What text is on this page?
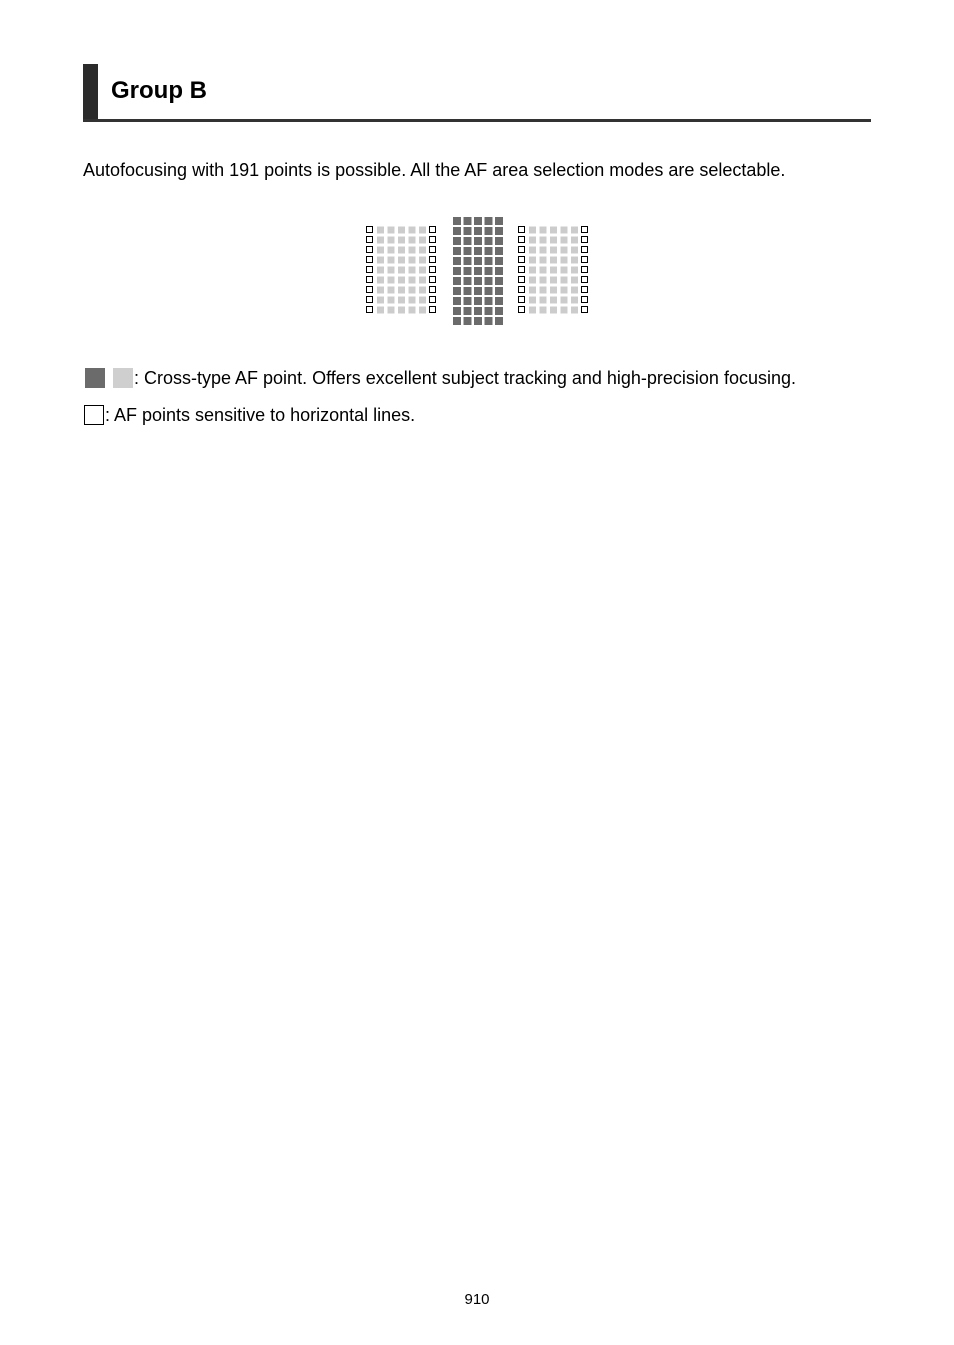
Group B
Autofocusing with 191 points is possible. All the AF area selection modes are selectable.
: Cross-type AF point. Offers excellent subject tracking and high-precision focusing.
: AF points sensitive to horizontal lines.
910
